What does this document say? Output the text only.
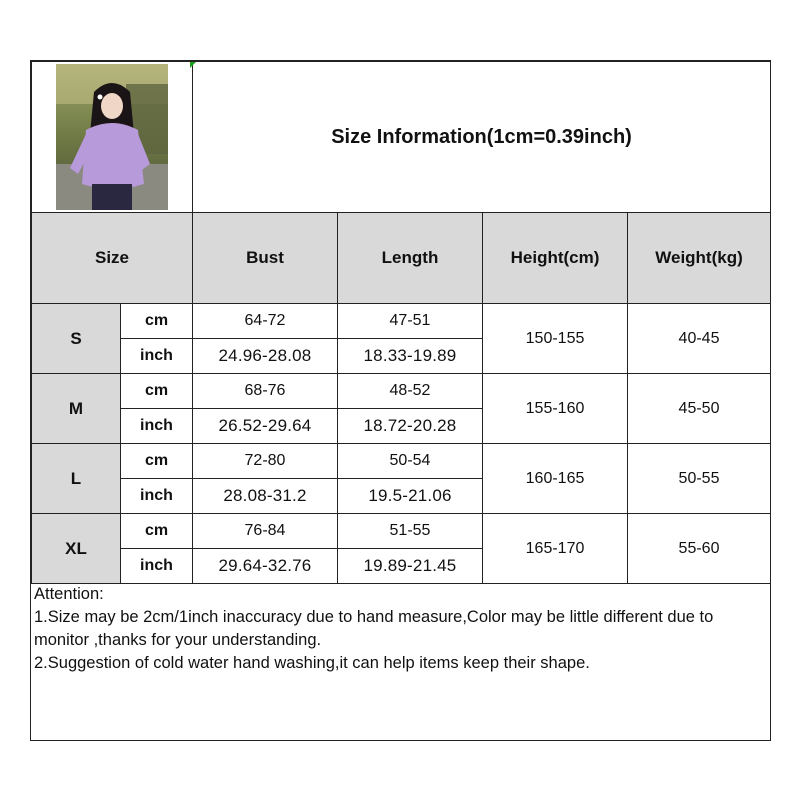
	Size Information(1cm=0.39inch)			
Size		Bust	Length	Height(cm)	Weight(kg)
S	cm	64-72	47-51	150-155	40-45
	inch	24.96-28.08	18.33-19.89		
M	cm	68-76	48-52	155-160	45-50
	inch	26.52-29.64	18.72-20.28		
L	cm	72-80	50-54	160-165	50-55
	inch	28.08-31.2	19.5-21.06		
XL	cm	76-84	51-55	165-170	55-60
	inch	29.64-32.76	19.89-21.45		
Attention:
1.Size may be 2cm/1inch inaccuracy due to hand measure,Color may be little different due to monitor ,thanks for your understanding.
2.Suggestion of cold water hand washing,it can help items keep their shape.
